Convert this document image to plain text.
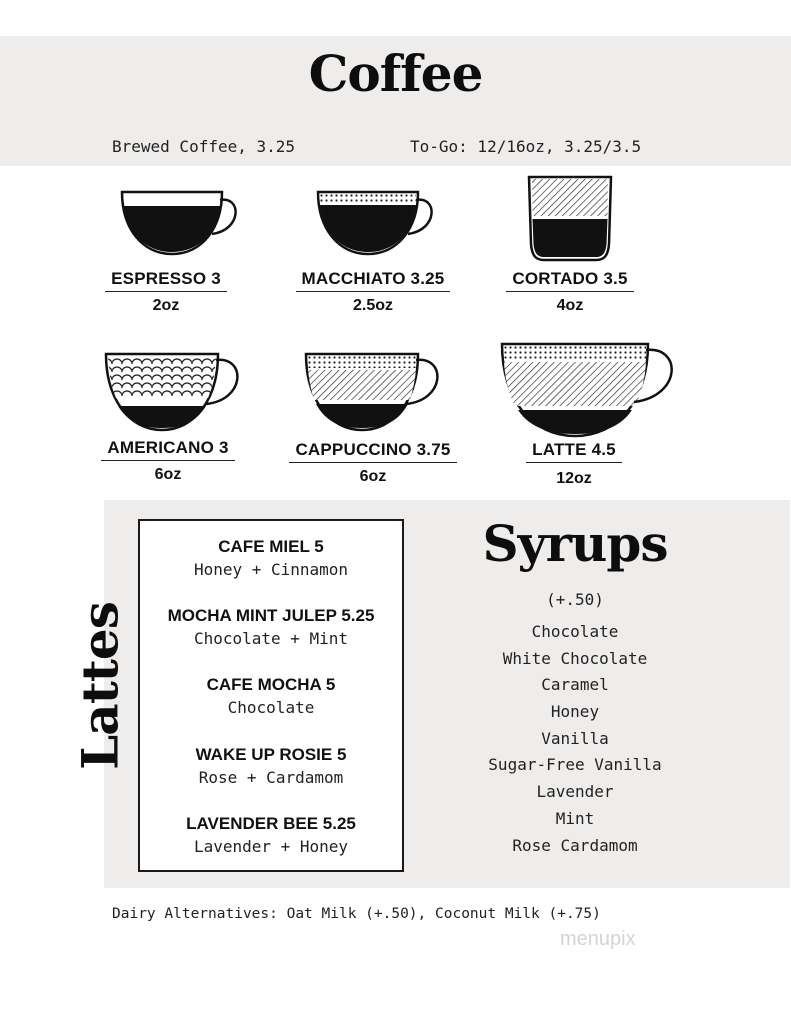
Coffee
Brewed Coffee, 3.25	To-Go: 12/16oz, 3.25/3.5
ESPRESSO 3
2oz
MACCHIATO 3.25
2.5oz
CORTADO 3.5
4oz
AMERICANO 3
6oz
CAPPUCCINO 3.75
6oz
LATTE 4.5
12oz
Lattes
CAFE MIEL 5
Honey + Cinnamon
MOCHA MINT JULEP 5.25
Chocolate + Mint
CAFE MOCHA 5
Chocolate
WAKE UP ROSIE 5
Rose + Cardamom
LAVENDER BEE 5.25
Lavender + Honey
Syrups
(+.50)
Chocolate
White Chocolate
Caramel
Honey
Vanilla
Sugar-Free Vanilla
Lavender
Mint
Rose Cardamom
Dairy Alternatives: Oat Milk (+.50), Coconut Milk (+.75)
menupix
